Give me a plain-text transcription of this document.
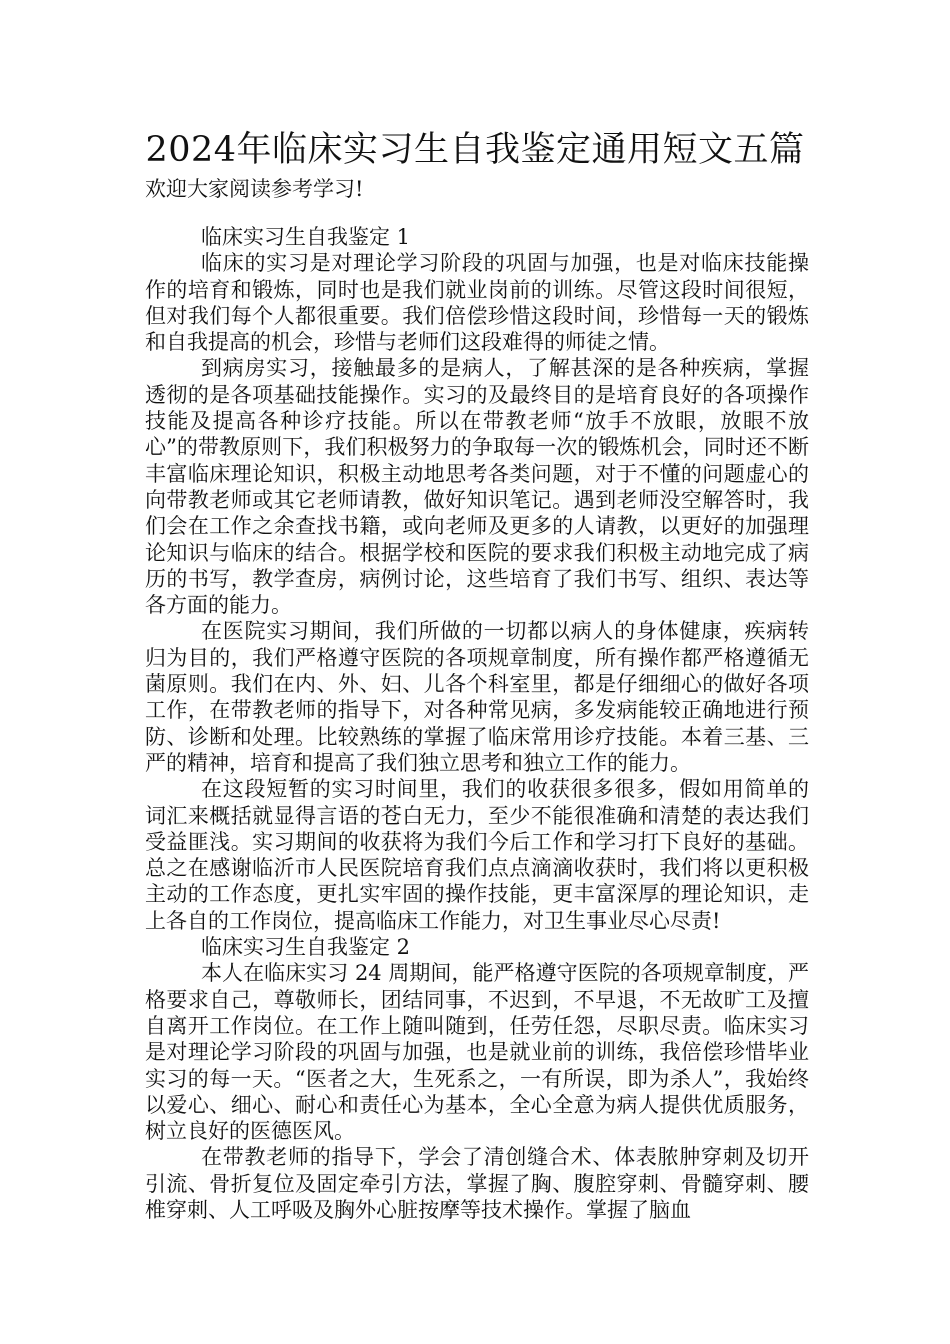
2024年临床实习生自我鉴定通用短文五篇

欢迎大家阅读参考学习!

临床实习生自我鉴定 1

临床的实习是对理论学习阶段的巩固与加强，也是对临床技能操作的培育和锻炼，同时也是我们就业岗前的训练。尽管这段时间很短，但对我们每个人都很重要。我们倍偿珍惜这段时间，珍惜每一天的锻炼和自我提高的机会，珍惜与老师们这段难得的师徒之情。

到病房实习，接触最多的是病人，了解甚深的是各种疾病，掌握透彻的是各项基础技能操作。实习的及最终目的是培育良好的各项操作技能及提高各种诊疗技能。所以在带教老师“放手不放眼，放眼不放心”的带教原则下，我们积极努力的争取每一次的锻炼机会，同时还不断丰富临床理论知识，积极主动地思考各类问题，对于不懂的问题虚心的向带教老师或其它老师请教，做好知识笔记。遇到老师没空解答时，我们会在工作之余查找书籍，或向老师及更多的人请教，以更好的加强理论知识与临床的结合。根据学校和医院的要求我们积极主动地完成了病历的书写，教学查房，病例讨论，这些培育了我们书写、组织、表达等各方面的能力。

在医院实习期间，我们所做的一切都以病人的身体健康，疾病转归为目的，我们严格遵守医院的各项规章制度，所有操作都严格遵循无菌原则。我们在内、外、妇、儿各个科室里，都是仔细细心的做好各项工作，在带教老师的指导下，对各种常见病，多发病能较正确地进行预防、诊断和处理。比较熟练的掌握了临床常用诊疗技能。本着三基、三严的精神，培育和提高了我们独立思考和独立工作的能力。

在这段短暂的实习时间里，我们的收获很多很多，假如用简单的词汇来概括就显得言语的苍白无力，至少不能很准确和清楚的表达我们受益匪浅。实习期间的收获将为我们今后工作和学习打下良好的基础。总之在感谢临沂市人民医院培育我们点点滴滴收获时，我们将以更积极主动的工作态度，更扎实牢固的操作技能，更丰富深厚的理论知识，走上各自的工作岗位，提高临床工作能力，对卫生事业尽心尽责!

临床实习生自我鉴定 2

本人在临床实习 24 周期间，能严格遵守医院的各项规章制度，严格要求自己，尊敬师长，团结同事，不迟到，不早退，不无故旷工及擅自离开工作岗位。在工作上随叫随到，任劳任怨，尽职尽责。临床实习是对理论学习阶段的巩固与加强，也是就业前的训练，我倍偿珍惜毕业实习的每一天。“医者之大，生死系之，一有所误，即为杀人”，我始终以爱心、细心、耐心和责任心为基本，全心全意为病人提供优质服务，树立良好的医德医风。

在带教老师的指导下，学会了清创缝合术、体表脓肿穿刺及切开引流、骨折复位及固定牵引方法，掌握了胸、腹腔穿刺、骨髓穿刺、腰椎穿刺、人工呼吸及胸外心脏按摩等技术操作。掌握了脑血
